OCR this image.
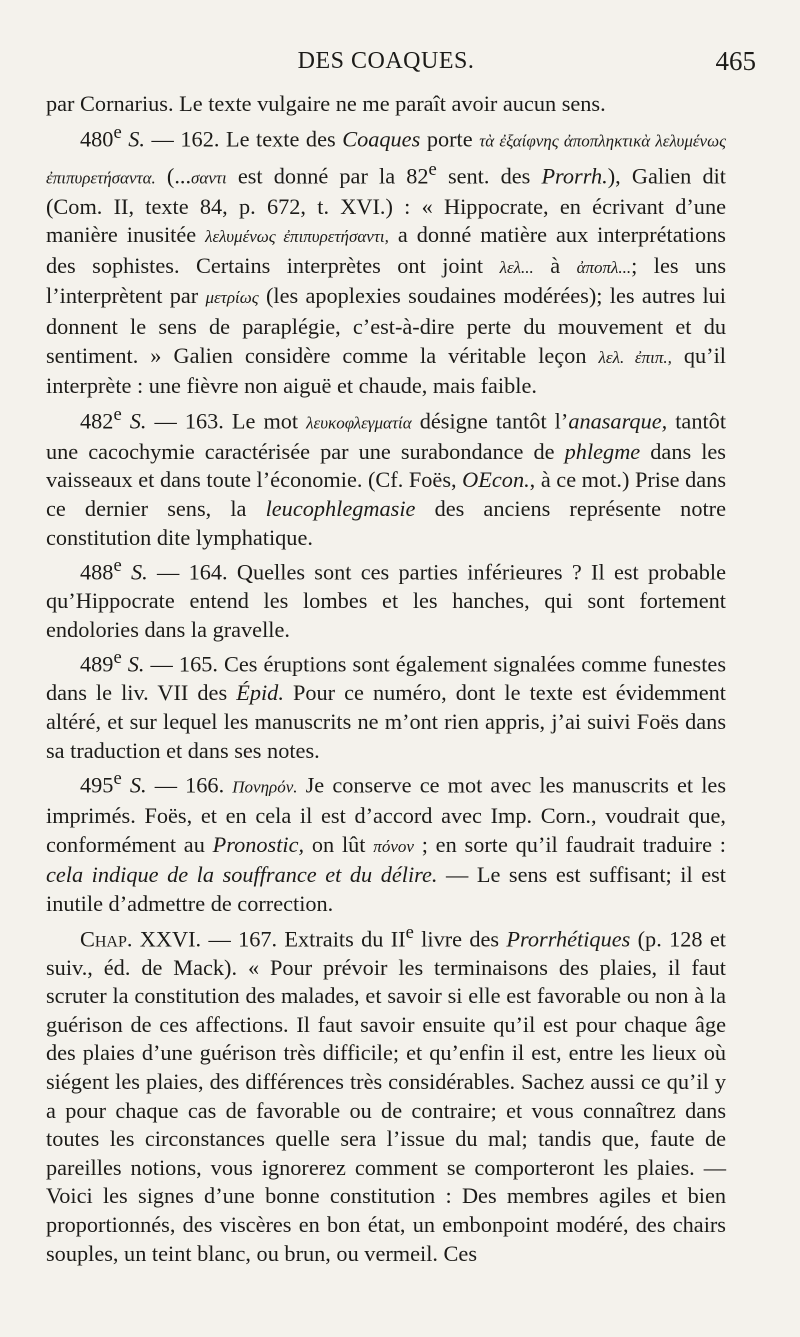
DES COAQUES.	465

par Cornarius. Le texte vulgaire ne me paraît avoir aucun sens.

480e S. — 162. Le texte des Coaques porte τὰ ἐξαίφνης ἀποπληκτικὰ λελυμένως ἐπιπυρετήσαντα. (...σαντι est donné par la 82e sent. des Prorrh.), Galien dit (Com. II, texte 84, p. 672, t. XVI.) : « Hippocrate, en écrivant d’une manière inusitée λελυμένως ἐπιπυρετήσαντι, a donné matière aux interprétations des sophistes. Certains interprètes ont joint λελ... à ἀποπλ...; les uns l’interprètent par μετρίως (les apoplexies soudaines modérées); les autres lui donnent le sens de paraplégie, c’est-à-dire perte du mouvement et du sentiment. » Galien considère comme la véritable leçon λελ. ἐπιπ., qu’il interprète : une fièvre non aiguë et chaude, mais faible.

482e S. — 163. Le mot λευκοφλεγματία désigne tantôt l’anasarque, tantôt une cacochymie caractérisée par une surabondance de phlegme dans les vaisseaux et dans toute l’économie. (Cf. Foës, OEcon., à ce mot.) Prise dans ce dernier sens, la leucophlegmasie des anciens représente notre constitution dite lymphatique.

488e S. — 164. Quelles sont ces parties inférieures ? Il est probable qu’Hippocrate entend les lombes et les hanches, qui sont fortement endolories dans la gravelle.

489e S. — 165. Ces éruptions sont également signalées comme funestes dans le liv. VII des Épid. Pour ce numéro, dont le texte est évidemment altéré, et sur lequel les manuscrits ne m’ont rien appris, j’ai suivi Foës dans sa traduction et dans ses notes.

495e S. — 166. Πονηρόν. Je conserve ce mot avec les manuscrits et les imprimés. Foës, et en cela il est d’accord avec Imp. Corn., voudrait que, conformément au Pronostic, on lût πόνον ; en sorte qu’il faudrait traduire : cela indique de la souffrance et du délire. — Le sens est suffisant; il est inutile d’admettre de correction.

Chap. XXVI. — 167. Extraits du IIe livre des Prorrhétiques (p. 128 et suiv., éd. de Mack). « Pour prévoir les terminaisons des plaies, il faut scruter la constitution des malades, et savoir si elle est favorable ou non à la guérison de ces affections. Il faut savoir ensuite qu’il est pour chaque âge des plaies d’une guérison très difficile; et qu’enfin il est, entre les lieux où siégent les plaies, des différences très considérables. Sachez aussi ce qu’il y a pour chaque cas de favorable ou de contraire; et vous connaîtrez dans toutes les circonstances quelle sera l’issue du mal; tandis que, faute de pareilles notions, vous ignorerez comment se comporteront les plaies. — Voici les signes d’une bonne constitution : Des membres agiles et bien proportionnés, des viscères en bon état, un embonpoint modéré, des chairs souples, un teint blanc, ou brun, ou vermeil. Ces
